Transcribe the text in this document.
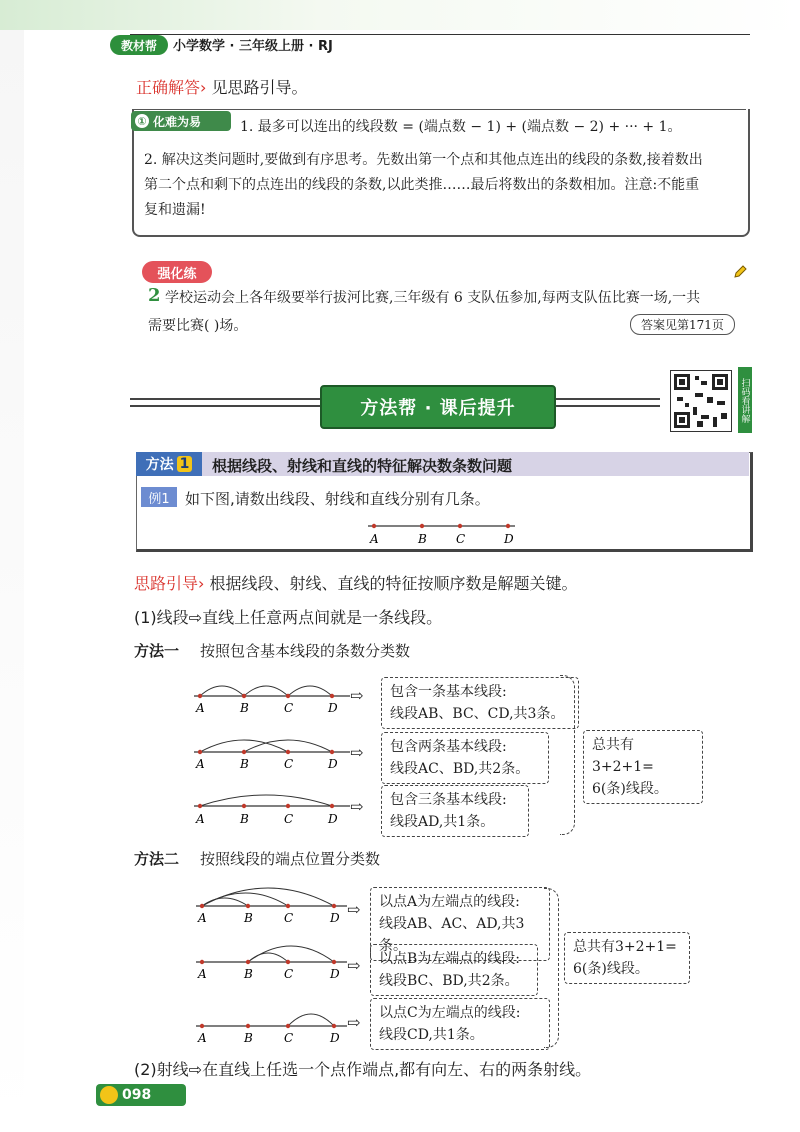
教材帮	小学数学 · 三年级上册 · RJ
正确解答› 见思路引导。
① 化难为易	1. 最多可以连出的线段数 = (端点数 − 1) + (端点数 − 2) + ··· + 1。
2. 解决这类问题时,要做到有序思考。先数出第一个点和其他点连出的线段的条数,接着数出
第二个点和剩下的点连出的线段的条数,以此类推……最后将数出的条数相加。注意:不能重
复和遗漏!
强化练
2 学校运动会上各年级要举行拔河比赛,三年级有 6 支队伍参加,每两支队伍比赛一场,一共
需要比赛( )场。	答案见第171页
方法帮 · 课后提升	扫码看讲解
方法 1 根据线段、射线和直线的特征解决数条数问题
例1	如下图,请数出线段、射线和直线分别有几条。
A	B C	D
思路引导› 根据线段、射线、直线的特征按顺序数是解题关键。
(1)线段⇨直线上任意两点间就是一条线段。
方法一 按照包含基本线段的条数分类数
A	B	C	D
A	B	C	D
A	B	C	D
⇨
⇨
⇨
包含一条基本线段:
线段AB、BC、CD,共3条。
包含两条基本线段:
线段AC、BD,共2条。
包含三条基本线段:
线段AD,共1条。
总共有3+2+1=
6(条)线段。
方法二 按照线段的端点位置分类数
A	B	C	D
A	B	C	D
A	B	C	D
⇨
⇨
⇨
以点A为左端点的线段:
线段AB、AC、AD,共3条。
以点B为左端点的线段:
线段BC、BD,共2条。
以点C为左端点的线段:
线段CD,共1条。
总共有3+2+1=
6(条)线段。
(2)射线⇨在直线上任选一个点作端点,都有向左、右的两条射线。
098
